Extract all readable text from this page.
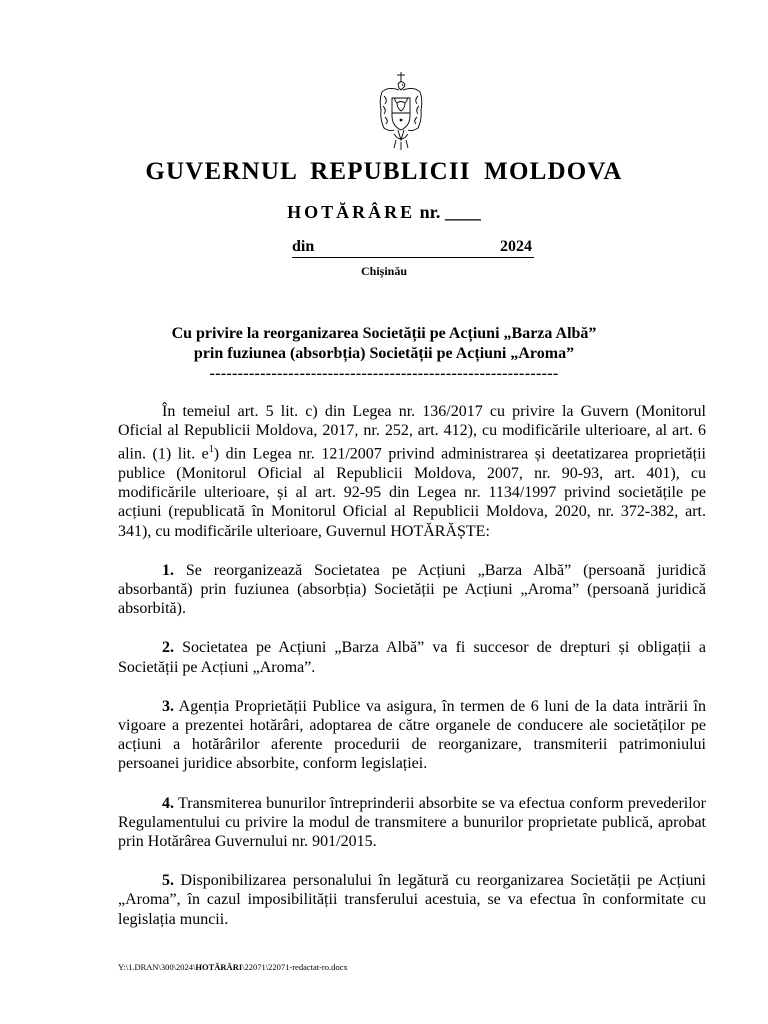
GUVERNUL REPUBLICII MOLDOVA
HOTĂRÂRE nr. ____
din	2024
Chișinău
Cu privire la reorganizarea Societății pe Acțiuni „Barza Albă”
prin fuziunea (absorbția) Societății pe Acțiuni „Aroma”
--------------------------------------------------------------

În temeiul art. 5 lit. c) din Legea nr. 136/2017 cu privire la Guvern (Monitorul Oficial al Republicii Moldova, 2017, nr. 252, art. 412), cu modificările ulterioare, al art. 6 alin. (1) lit. $e^1$) din Legea nr. 121/2007 privind administrarea și deetatizarea proprietății publice (Monitorul Oficial al Republicii Moldova, 2007, nr. 90-93, art. 401), cu modificările ulterioare, și al art. 92-95 din Legea nr. 1134/1997 privind societățile pe acțiuni (republicată în Monitorul Oficial al Republicii Moldova, 2020, nr. 372-382, art. 341), cu modificările ulterioare, Guvernul HOTĂRĂȘTE:

1. Se reorganizează Societatea pe Acțiuni „Barza Albă” (persoană juridică absorbantă) prin fuziunea (absorbția) Societății pe Acțiuni „Aroma” (persoană juridică absorbită).

2. Societatea pe Acțiuni „Barza Albă” va fi succesor de drepturi și obligații a Societății pe Acțiuni „Aroma”.

3. Agenția Proprietății Publice va asigura, în termen de 6 luni de la data intrării în vigoare a prezentei hotărâri, adoptarea de către organele de conducere ale societăților pe acțiuni a hotărârilor aferente procedurii de reorganizare, transmiterii patrimoniului persoanei juridice absorbite, conform legislației.

4. Transmiterea bunurilor întreprinderii absorbite se va efectua conform prevederilor Regulamentului cu privire la modul de transmitere a bunurilor proprietate publică, aprobat prin Hotărârea Guvernului nr. 901/2015.

5. Disponibilizarea personalului în legătură cu reorganizarea Societății pe Acțiuni „Aroma”, în cazul imposibilității transferului acestuia, se va efectua în conformitate cu legislația muncii.

Y:\1.DRAN\300\2024\HOTĂRÂRI\22071\22071-redactat-ro.docx
